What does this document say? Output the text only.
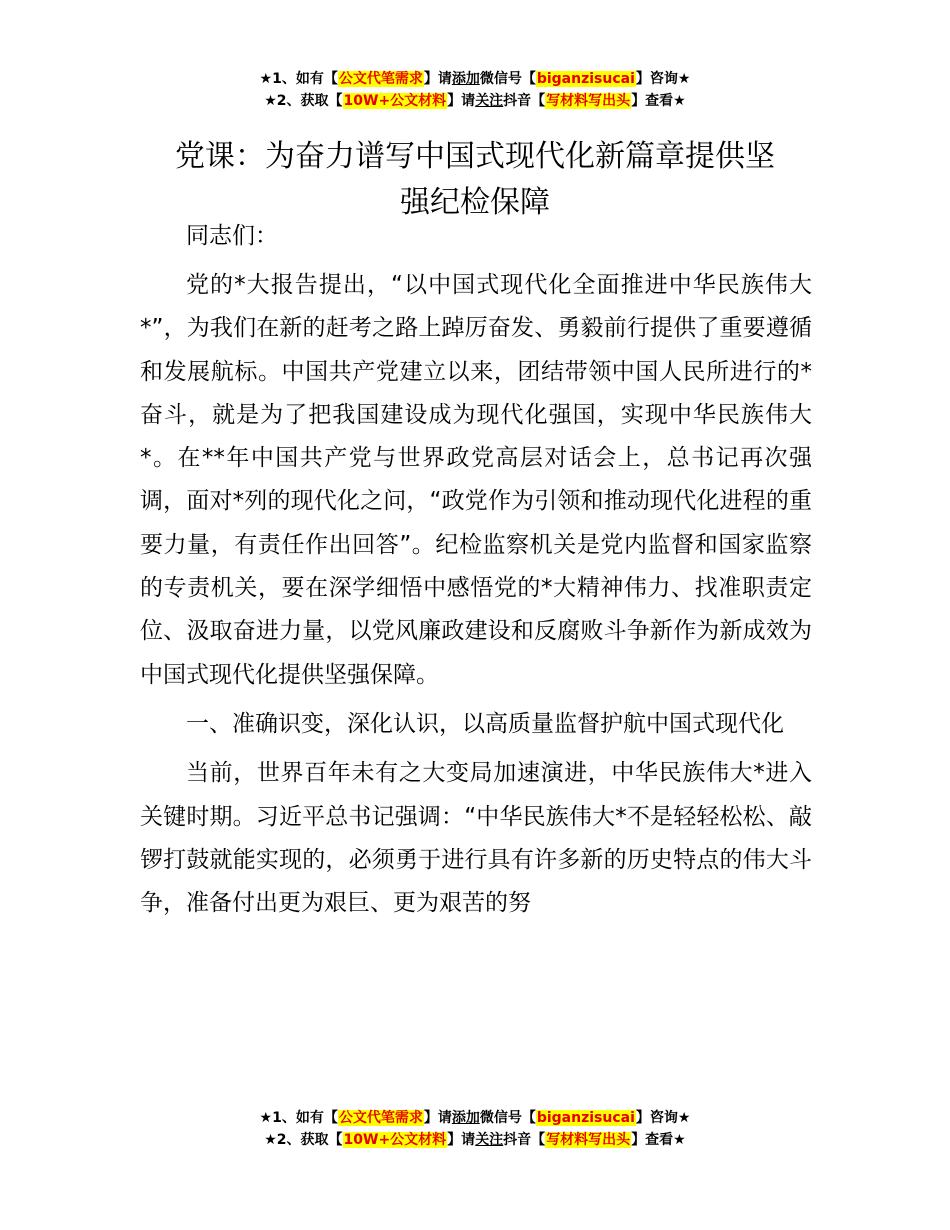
★1、如有【公文代笔需求】请添加微信号【biganzisucai】咨询★
★2、获取【10W+公文材料】请关注抖音【写材料写出头】查看★
党课：为奋力谱写中国式现代化新篇章提供坚
强纪检保障

同志们：

党的*大报告提出，“以中国式现代化全面推进中华民族伟大*”，为我们在新的赶考之路上踔厉奋发、勇毅前行提供了重要遵循和发展航标。中国共产党建立以来，团结带领中国人民所进行的*奋斗，就是为了把我国建设成为现代化强国，实现中华民族伟大*。在**年中国共产党与世界政党高层对话会上，总书记再次强调，面对*列的现代化之问，“政党作为引领和推动现代化进程的重要力量，有责任作出回答”。纪检监察机关是党内监督和国家监察的专责机关，要在深学细悟中感悟党的*大精神伟力、找准职责定位、汲取奋进力量，以党风廉政建设和反腐败斗争新作为新成效为中国式现代化提供坚强保障。

一、准确识变，深化认识，以高质量监督护航中国式现代化

当前，世界百年未有之大变局加速演进，中华民族伟大*进入关键时期。习近平总书记强调：“中华民族伟大*不是轻轻松松、敲锣打鼓就能实现的，必须勇于进行具有许多新的历史特点的伟大斗争，准备付出更为艰巨、更为艰苦的努

★1、如有【公文代笔需求】请添加微信号【biganzisucai】咨询★
★2、获取【10W+公文材料】请关注抖音【写材料写出头】查看★
